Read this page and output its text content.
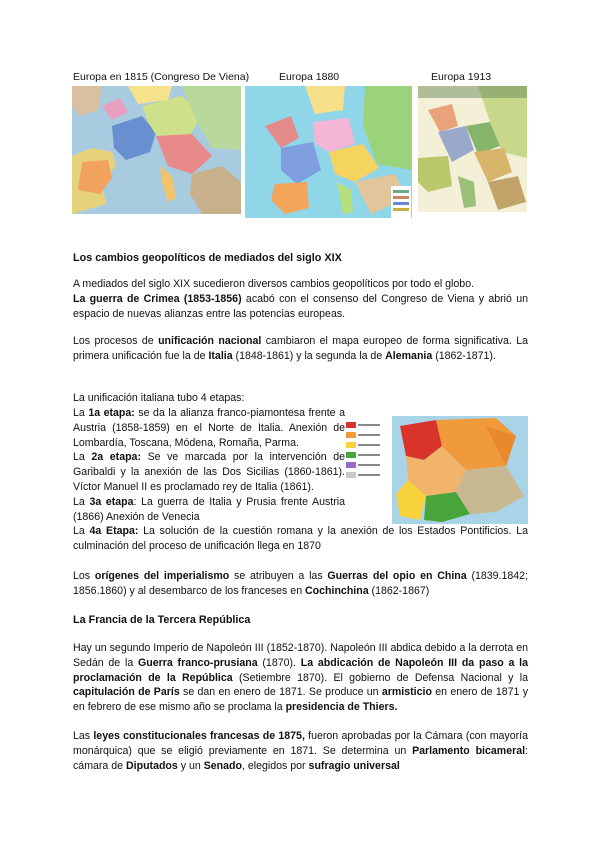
Europa en 1815 (Congreso De Viena)	Europa 1880	Europa 1913
Los cambios geopolíticos de mediados del siglo XIX

A mediados del siglo XIX sucedieron diversos cambios geopolíticos por todo el globo.
La guerra de Crimea (1853-1856) acabó con el consenso del Congreso de Viena y abrió un espacio de nuevas alianzas entre las potencias europeas.

Los procesos de unificación nacional cambiaron el mapa europeo de forma significativa. La primera unificación fue la de Italia (1848-1861) y la segunda la de Alemania (1862-1871).

La unificación italiana tubo 4 etapas:

La 1a etapa: se da la alianza franco-piamontesa frente a Austria (1858-1859) en el Norte de Italia. Anexión de Lombardía, Toscana, Módena, Romaña, Parma.
La 2a etapa: Se ve marcada por la intervención de Garibaldi y la anexión de las Dos Sicilias (1860-1861). Víctor Manuel II es proclamado rey de Italia (1861).
La 3a etapa: La guerra de Italia y Prusia frente Austria (1866) Anexión de Venecia

La 4a Etapa: La solución de la cuestión romana y la anexión de los Estados Pontificios. La culminación del proceso de unificación llega en 1870

Los orígenes del imperialismo se atribuyen a las Guerras del opio en China (1839.1842; 1856.1860) y al desembarco de los franceses en Cochinchina (1862-1867)

La Francia de la Tercera República

Hay un segundo Imperio de Napoleón III (1852-1870). Napoleón III abdica debido a la derrota en Sedán de la Guerra franco-prusiana (1870). La abdicación de Napoleón III da paso a la proclamación de la República (Setiembre 1870). El gobierno de Defensa Nacional y la capitulación de París se dan en enero de 1871. Se produce un armisticio en enero de 1871 y en febrero de ese mismo año se proclama la presidencia de Thiers.

Las leyes constitucionales francesas de 1875, fueron aprobadas por la Cámara (con mayoría monárquica) que se eligió previamente en 1871. Se determina un Parlamento bicameral: cámara de Diputados y un Senado, elegidos por sufragio universal
